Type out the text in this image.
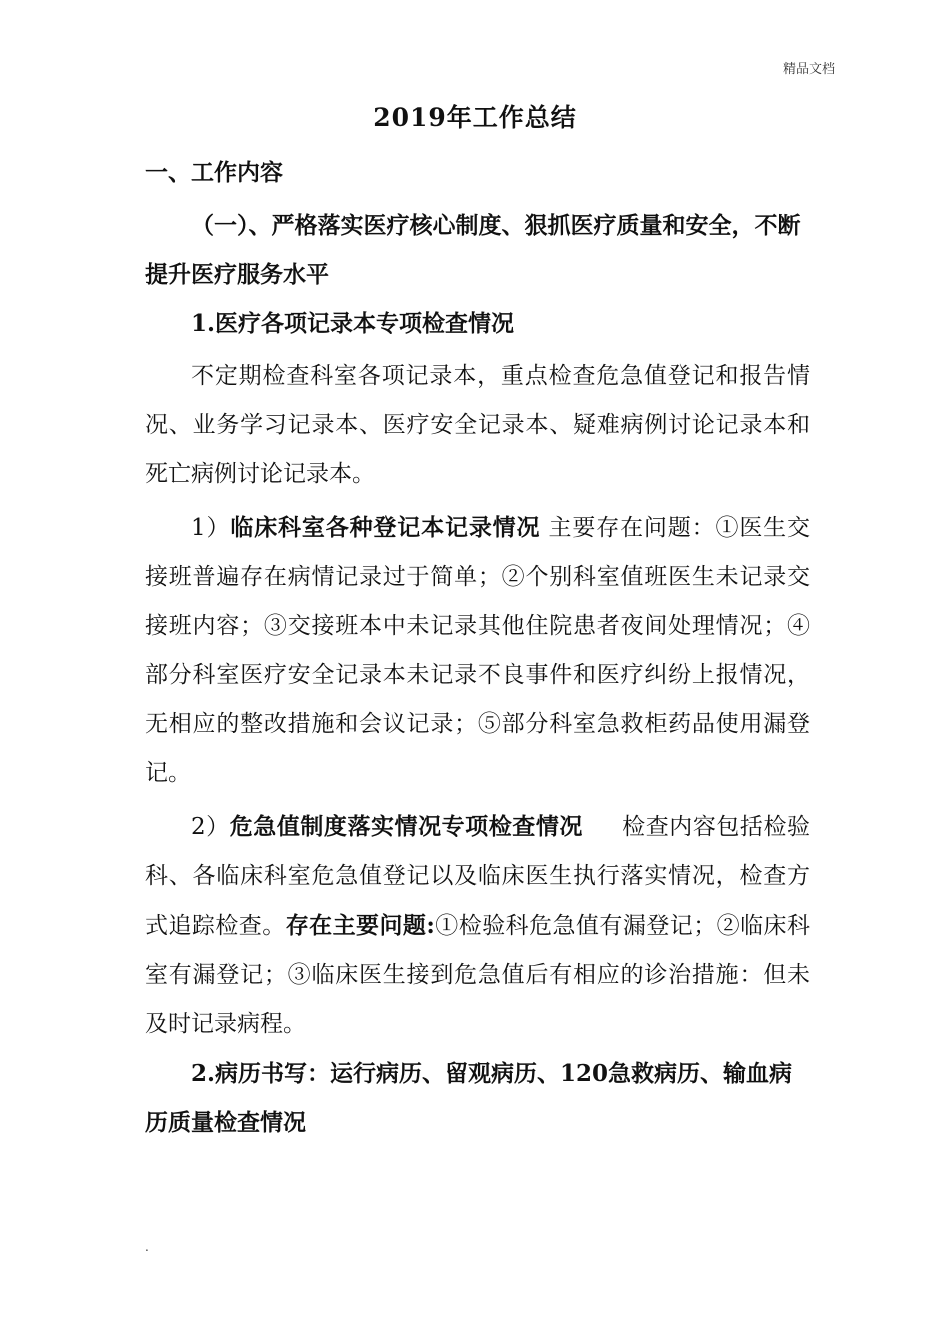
精品文档
2019年工作总结

一、工作内容

（一）、严格落实医疗核心制度、狠抓医疗质量和安全，不断提升医疗服务水平

1.医疗各项记录本专项检查情况

不定期检查科室各项记录本，重点检查危急值登记和报告情况、业务学习记录本、医疗安全记录本、疑难病例讨论记录本和死亡病例讨论记录本。

1）临床科室各种登记本记录情况 主要存在问题：①医生交接班普遍存在病情记录过于简单；②个别科室值班医生未记录交接班内容；③交接班本中未记录其他住院患者夜间处理情况；④部分科室医疗安全记录本未记录不良事件和医疗纠纷上报情况，无相应的整改措施和会议记录；⑤部分科室急救柜药品使用漏登记。

2）危急值制度落实情况专项检查情况     检查内容包括检验科、各临床科室危急值登记以及临床医生执行落实情况，检查方式追踪检查。存在主要问题:①检验科危急值有漏登记；②临床科室有漏登记；③临床医生接到危急值后有相应的诊治措施：但未及时记录病程。

2.病历书写：运行病历、留观病历、120急救病历、输血病历质量检查情况

.
